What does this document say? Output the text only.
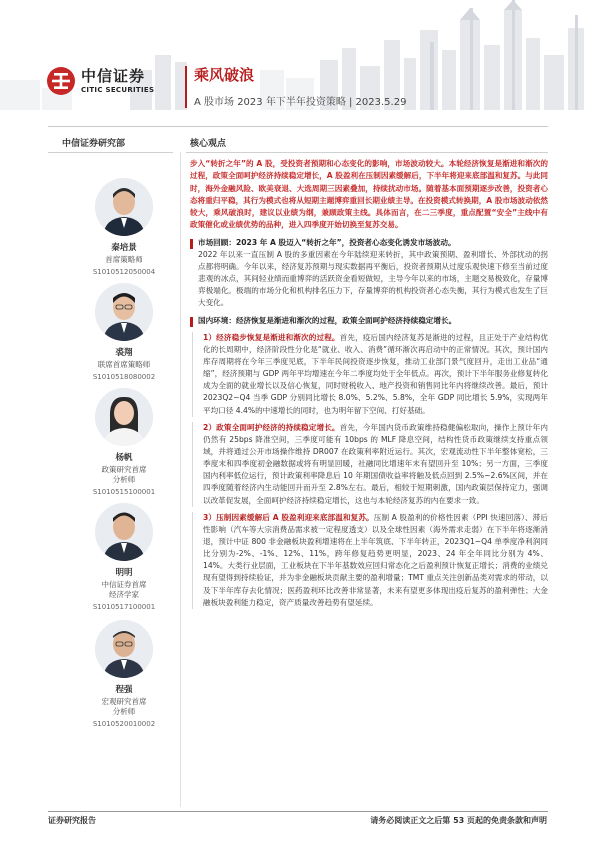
中信证券
CITIC SECURITIES
乘风破浪
A 股市场 2023 年下半年投资策略 | 2023.5.29
中信证券研究部	核心观点
秦培景
首席策略师
S1010512050004
裘翔
联席首席策略师
S1010518080002
杨帆
政策研究首席
分析师
S1010515100001
明明
中信证券首席
经济学家
S1010517100001
程强
宏观研究首席
分析师
S1010520010002

步入“转折之年”的 A 股，受投资者预期和心态变化的影响，市场波动较大。本轮经济恢复是渐进和渐次的过程，政策全面呵护经济持续稳定增长，A 股盈利在压制因素缓解后，下半年将迎来底部温和复苏。与此同时，海外金融风险、欧美衰退、大选周期三因素叠加，持续扰动市场。随着基本面预期逐步改善，投资者心态将重归平稳，其行为模式也将从短期主题博弈重回长期业绩主导。在投资模式转换期，A 股市场波动依然较大，乘风破浪时，建议以业绩为纲，兼顾政策主线。具体而言，在二三季度，重点配置“安全”主线中有政策催化或业绩优势的品种，进入四季度开始切换至复苏交易。

市场回顾：2023 年 A 股迈入“转折之年”，投资者心态变化诱发市场波动。
2022 年以来一直压制 A 股的多重因素在今年陆续迎来转折，其中政策预期、盈利增长、外部扰动的拐点都将明确。今年以来，经济复苏预期与现实数据再平衡后，投资者预期从过度乐观快速下修至当前过度悲观的冰点，其间轻业绩而重博弈的活跃资金看短做短，主导今年以来的市场，主题交易极致化，存量博弈极端化。极端的市场分化和机构排名压力下，存量博弈的机构投资者心态失衡，其行为模式也发生了巨大变化。
国内环境：经济恢复是渐进和渐次的过程，政策全面呵护经济持续稳定增长。

1）经济稳步恢复是渐进和渐次的过程。首先，疫后国内经济复苏是渐进的过程，且正处于产业结构优化的长周期中，经济阶段性分化是“就业、收入、消费”循环渐次再启动中的正常情况。其次，预计国内库存周期将在今年三季度见底，下半年民间投资逐步恢复，推动工业部门景气度回升，走出工业品“通缩”，经济预期与 GDP 两年平均增速在今年二季度均处于全年低点。再次，预计下半年服务业修复转化成为全面的就业增长以及信心恢复，同时财税收入、地产投资和销售同比年内将继续改善。最后，预计 2023Q2~Q4 当季 GDP 分别同比增长 8.0%、5.2%、5.8%，全年 GDP 同比增长 5.9%，实现两年平均口径 4.4%的中速增长的同时，也为明年留下空间、打好基础。

2）政策全面呵护经济的持续稳定增长。首先，今年国内货币政策维持稳健偏松取向，操作上预计年内仍然有 25bps 降准空间，三季度可能有 10bps 的 MLF 降息空间，结构性货币政策继续支持重点领域，并将通过公开市场操作维持 DR007 在政策利率附近运行。其次，宏观流动性下半年整体宽松，三季度末和四季度初金融数据或将有明显回暖，社融同比增速年末有望回升至 10%；另一方面，三季度国内利率低位运行，预计政策利率降息后 10 年期国债收益率将触及低点回到 2.5%~2.6%区间，并在四季度随着经济内生动能回升而升至 2.8%左右。最后，相较于短期刺激，国内政策层保持定力，强调以改革促发展，全面呵护经济持续稳定增长，这也与本轮经济复苏的内在要求一致。

3）压制因素缓解后 A 股盈利迎来底部温和复苏。压制 A 股盈利的价格性因素（PPI 快速回落）、滞后性影响（汽车等大宗消费品需求被一定程度透支）以及全球性因素（海外需求走弱）在下半年将逐渐消退，预计中证 800 非金融板块盈利增速将在上半年筑底、下半年转正，2023Q1~Q4 单季度净利润同比分别为-2%、-1%、12%、11%，跨年修复趋势更明显，2023、24 年全年同比分别为 4%、14%。大类行业层面，工业板块在下半年基数效应回归常态化之后盈利预计恢复正增长；消费的业绩兑现有望得到持续验证，并为非金融板块贡献主要的盈利增量；TMT 重点关注创新品类对需求的带动，以及下半年库存去化情况；医药盈利环比改善非常显著，未来有望更多体现出疫后复苏的盈利弹性；大金融板块盈利能力稳定，资产质量改善趋势有望延续。

证券研究报告	请务必阅读正文之后第 53 页起的免责条款和声明
